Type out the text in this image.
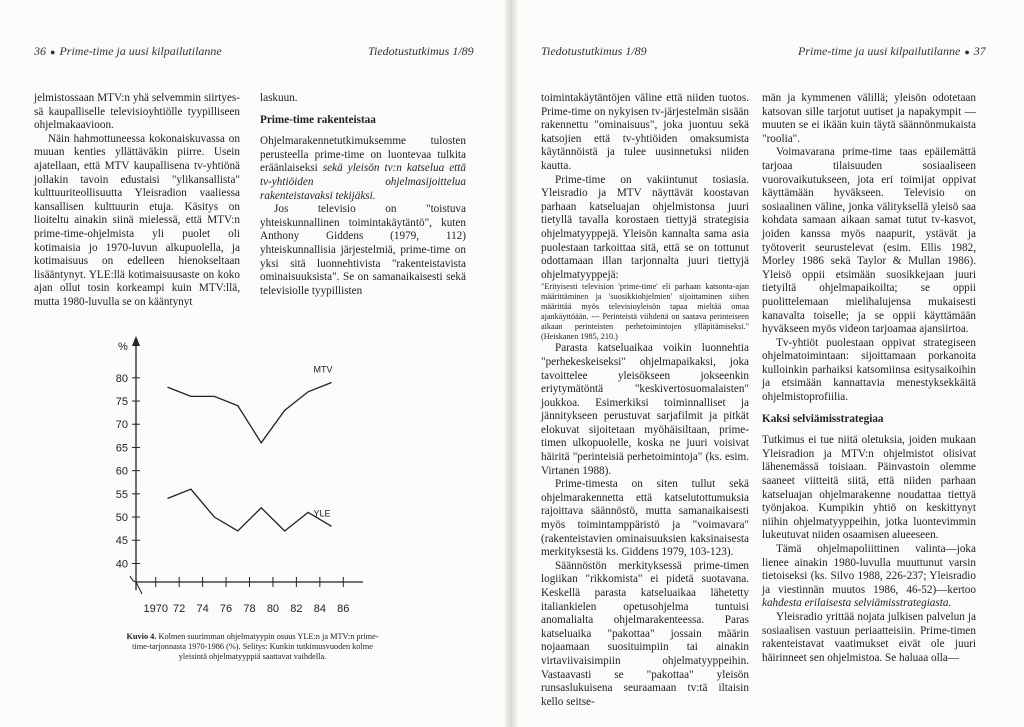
36 ● Prime-time ja uusi kilpailutilanne	Tiedotustutkimus 1/89

jelmistossaan MTV:n yhä selvemmin siirtyes-sä kaupalliselle televisioyhtiölle tyypilliseen ohjelmakaavioon.

Näin hahmottuneessa kokonaiskuvassa on muuan kenties yllättäväkin piirre. Usein ajatellaan, että MTV kaupallisena tv-yhtiönä jollakin tavoin edustaisi "ylikansallista" kulttuuriteollisuutta Yleisradion vaaliessa kansallisen kulttuurin etuja. Käsitys on lioiteltu ainakin siinä mielessä, että MTV:n prime-time-ohjelmista yli puolet oli kotimaisia jo 1970-luvun alkupuolella, ja kotimaisuus on edelleen hienokseltaan lisääntynyt. YLE:llä kotimaisuusaste on koko ajan ollut tosin korkeampi kuin MTV:llä, mutta 1980-luvulla se on kääntynyt

laskuun.

Prime-time rakenteistaa

Ohjelmarakennetutkimuksemme tulosten perusteella prime-time on luontevaa tulkita eräänlaiseksi sekä yleisön tv:n katselua että tv-yhtiöiden ohjelmasijoittelua rakenteistavaksi tekijäksi.

Jos televisio on "toistuva yhteiskunnallinen toimintakäytäntö", kuten Anthony Giddens (1979, 112) yhteiskunnallisia järjestelmiä, prime-time on yksi sitä luonnehtivista "rakenteistavista ominaisuuksista". Se on samanaikaisesti sekä televisiolle tyypillisten

%
40
45
50
55
60
65
70
75
80
1970 72 74 76 78 80 82 84 86
MTV
YLE
Kuvio 4. Kolmen suurimman ohjelmatyypin osuus YLE:n ja MTV:n prime-time-tarjonnasta 1970-1986 (%). Selitys: Kunkin tutkimusvuoden kolme yleisintä ohjelmatyyppiä saattavat vaihdella.
Tiedotustutkimus 1/89	Prime-time ja uusi kilpailutilanne ● 37

toimintakäytäntöjen väline että niiden tuotos. Prime-time on nykyisen tv-järjestelmän sisään rakennettu "ominaisuus", joka juontuu sekä katsojien että tv-yhtiöiden omaksumista käytännöistä ja tulee uusinnetuksi niiden kautta.

Prime-time on vakiintunut tosiasia. Yleisradio ja MTV näyttävät koostavan parhaan katseluajan ohjelmistonsa juuri tietyllä tavalla korostaen tiettyjä strategisia ohjelmatyyppejä. Yleisön kannalta sama asia puolestaan tarkoittaa sitä, että se on tottunut odottamaan illan tarjonnalta juuri tiettyjä ohjelmatyyppejä:

"Erityisesti television 'prime-time' eli parhaan katsonta-ajan määrittäminen ja 'suosikkiohjelmien' sijoittaminen siihen määrittää myös televisioyleisön tapaa mieltää omaa ajankäyttöään. --- Perinteistä viihdettä on saatava perinteiseen aikaan perinteisten perhetoimintojen ylläpitämiseksi." (Heiskanen 1985, 210.)

Parasta katseluaikaa voikin luonnehtia "perhekeskeiseksi" ohjelmapaikaksi, joka tavoittelee yleisökseen jokseenkin eriytymätöntä "keskivertosuomalaisten" joukkoa. Esimerkiksi toiminnalliset ja jännitykseen perustuvat sarjafilmit ja pitkät elokuvat sijoitetaan myöhäisiltaan, prime-timen ulkopuolelle, koska ne juuri voisivat häiritä "perinteisiä perhetoimintoja" (ks. esim. Virtanen 1988).

Prime-timesta on siten tullut sekä ohjelmarakennetta että katselutottumuksia rajoittava säännöstö, mutta samanaikaisesti myös toimintamppäristö ja "voimavara" (rakenteistavien ominaisuuksien kaksinaisesta merkityksestä ks. Giddens 1979, 103-123).

Säännöstön merkityksessä prime-timen logiikan "rikkomista" ei pidetä suotavana. Keskellä parasta katseluaikaa lähetetty italiankielen opetusohjelma tuntuisi anomalialta ohjelmarakenteessa. Paras katseluaika "pakottaa" jossain määrin nojaamaan suosituimpiin tai ainakin virtaviivaisimpiin ohjelmatyyppeihin. Vastaavasti se "pakottaa" yleisön runsaslukuisena seuraamaan tv:tä iltaisin kello seitse-

män ja kymmenen välillä; yleisön odotetaan katsovan sille tarjotut uutiset ja napakympit — muuten se ei ikään kuin täytä säännönmukaista "roolia".

Voimavarana prime-time taas epäilemättä tarjoaa tilaisuuden sosiaaliseen vuorovaikutukseen, jota eri toimijat oppivat käyttämään hyväkseen. Televisio on sosiaalinen väline, jonka välityksellä yleisö saa kohdata samaan aikaan samat tutut tv-kasvot, joiden kanssa myös naapurit, ystävät ja työtoverit seurustelevat (esim. Ellis 1982, Morley 1986 sekä Taylor & Mullan 1986). Yleisö oppii etsimään suosikkejaan juuri tietyiltä ohjelmapaikoilta; se oppii puolittelemaan mielihalujensa mukaisesti kanavalta toiselle; ja se oppii käyttämään hyväkseen myös videon tarjoamaa ajansiirtoa.

Tv-yhtiöt puolestaan oppivat strategiseen ohjelmatoimintaan: sijoittamaan porkanoita kulloinkin parhaiksi katsomiinsa esitysaikoihin ja etsimään kannattavia menestyksekkäitä ohjelmistoprofiilia.

Kaksi selviämisstrategiaa

Tutkimus ei tue niitä oletuksia, joiden mukaan Yleisradion ja MTV:n ohjelmistot olisivat lähenemässä toisiaan. Päinvastoin olemme saaneet viitteitä siitä, että niiden parhaan katseluajan ohjelmarakenne noudattaa tiettyä työnjakoa. Kumpikin yhtiö on keskittynyt niihin ohjelmatyyppeihin, jotka luontevimmin lukeutuvat niiden osaamisen alueeseen.

Tämä ohjelmapoliittinen valinta—joka lienee ainakin 1980-luvulla muuttunut varsin tietoiseksi (ks. Silvo 1988, 226-237; Yleisradio ja viestinnän muutos 1986, 46-52)—kertoo kahdesta erilaisesta selviämisstrategiasta.

Yleisradio yrittää nojata julkisen palvelun ja sosiaalisen vastuun periaatteisiin. Prime-timen rakenteistavat vaatimukset eivät ole juuri häirinneet sen ohjelmistoa. Se haluaa olla—
